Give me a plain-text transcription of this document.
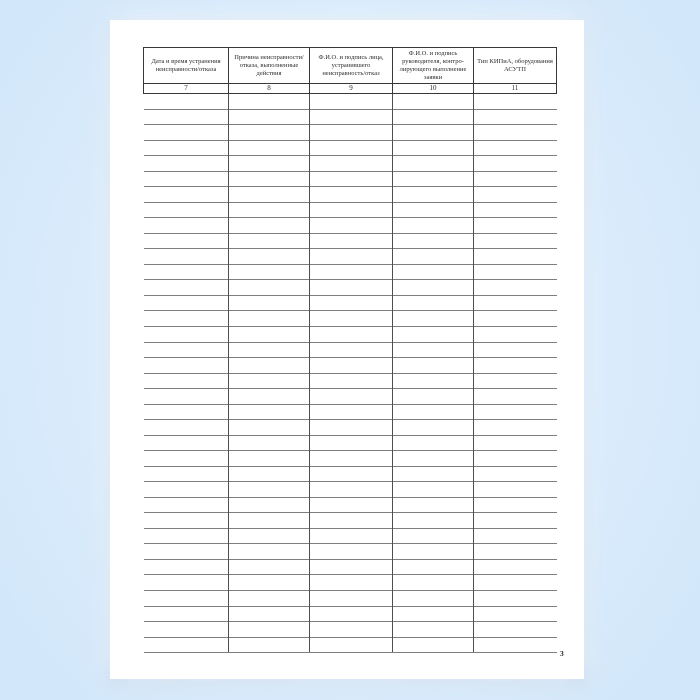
Дата и время устранения неисправности/отказа	Причина неисправности/отказа, выполненные действия	Ф.И.О. и подпись лица, устранившего неисправность/отказ	Ф.И.О. и подпись руководителя, контро-лирующего выполнение заявки	Тип КИПиА, оборудования АСУТП
7	8	9	10	11

3
